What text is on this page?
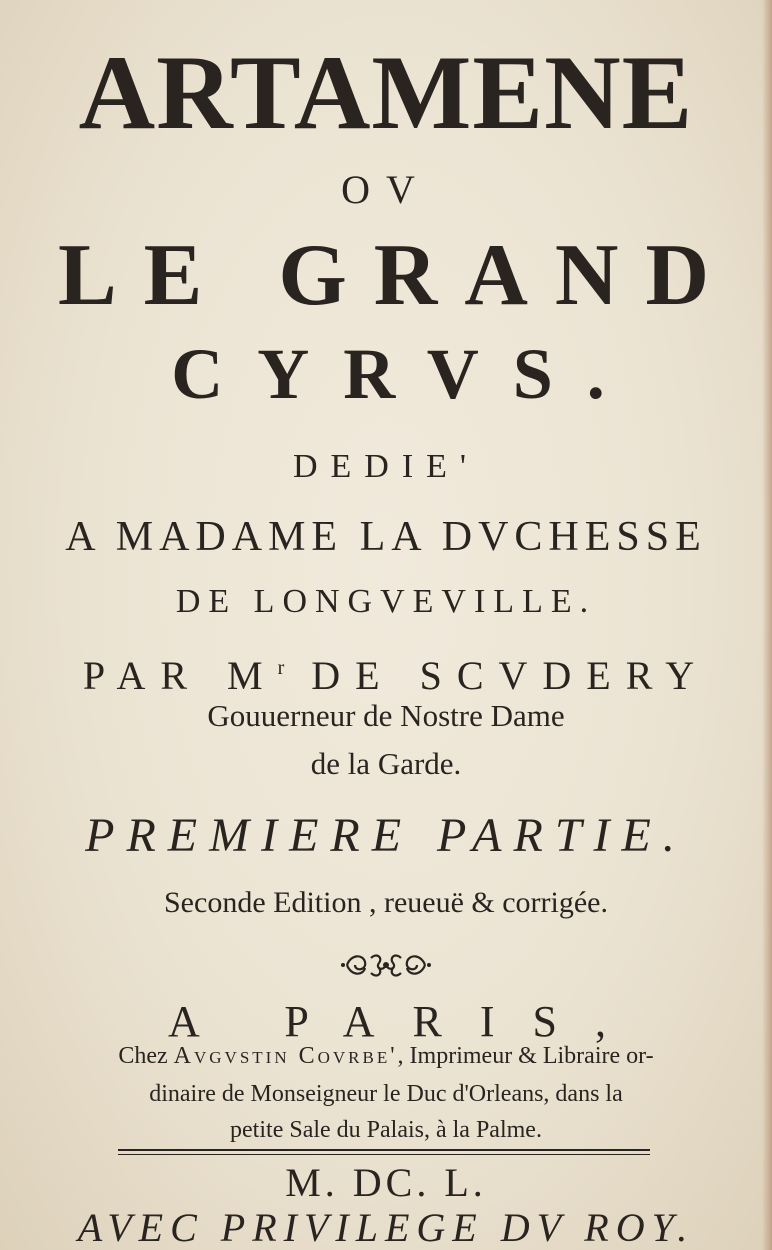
ARTAMENE
OV
LE GRAND
CYRVS.
DEDIE'
A MADAME LA DVCHESSE
DE LONGVEVILLE.
PAR $M^r$ DE SCVDERY
Gouuerneur de Nostre Dame
de la Garde.
PREMIERE PARTIE.
Seconde Edition , reueuë & corrigée.
A PARIS,
Chez Avgvstin Covrbe', Imprimeur & Libraire or-
dinaire de Monseigneur le Duc d'Orleans, dans la
petite Sale du Palais, à la Palme.
M. DC. L.
AVEC PRIVILEGE DV ROY.
